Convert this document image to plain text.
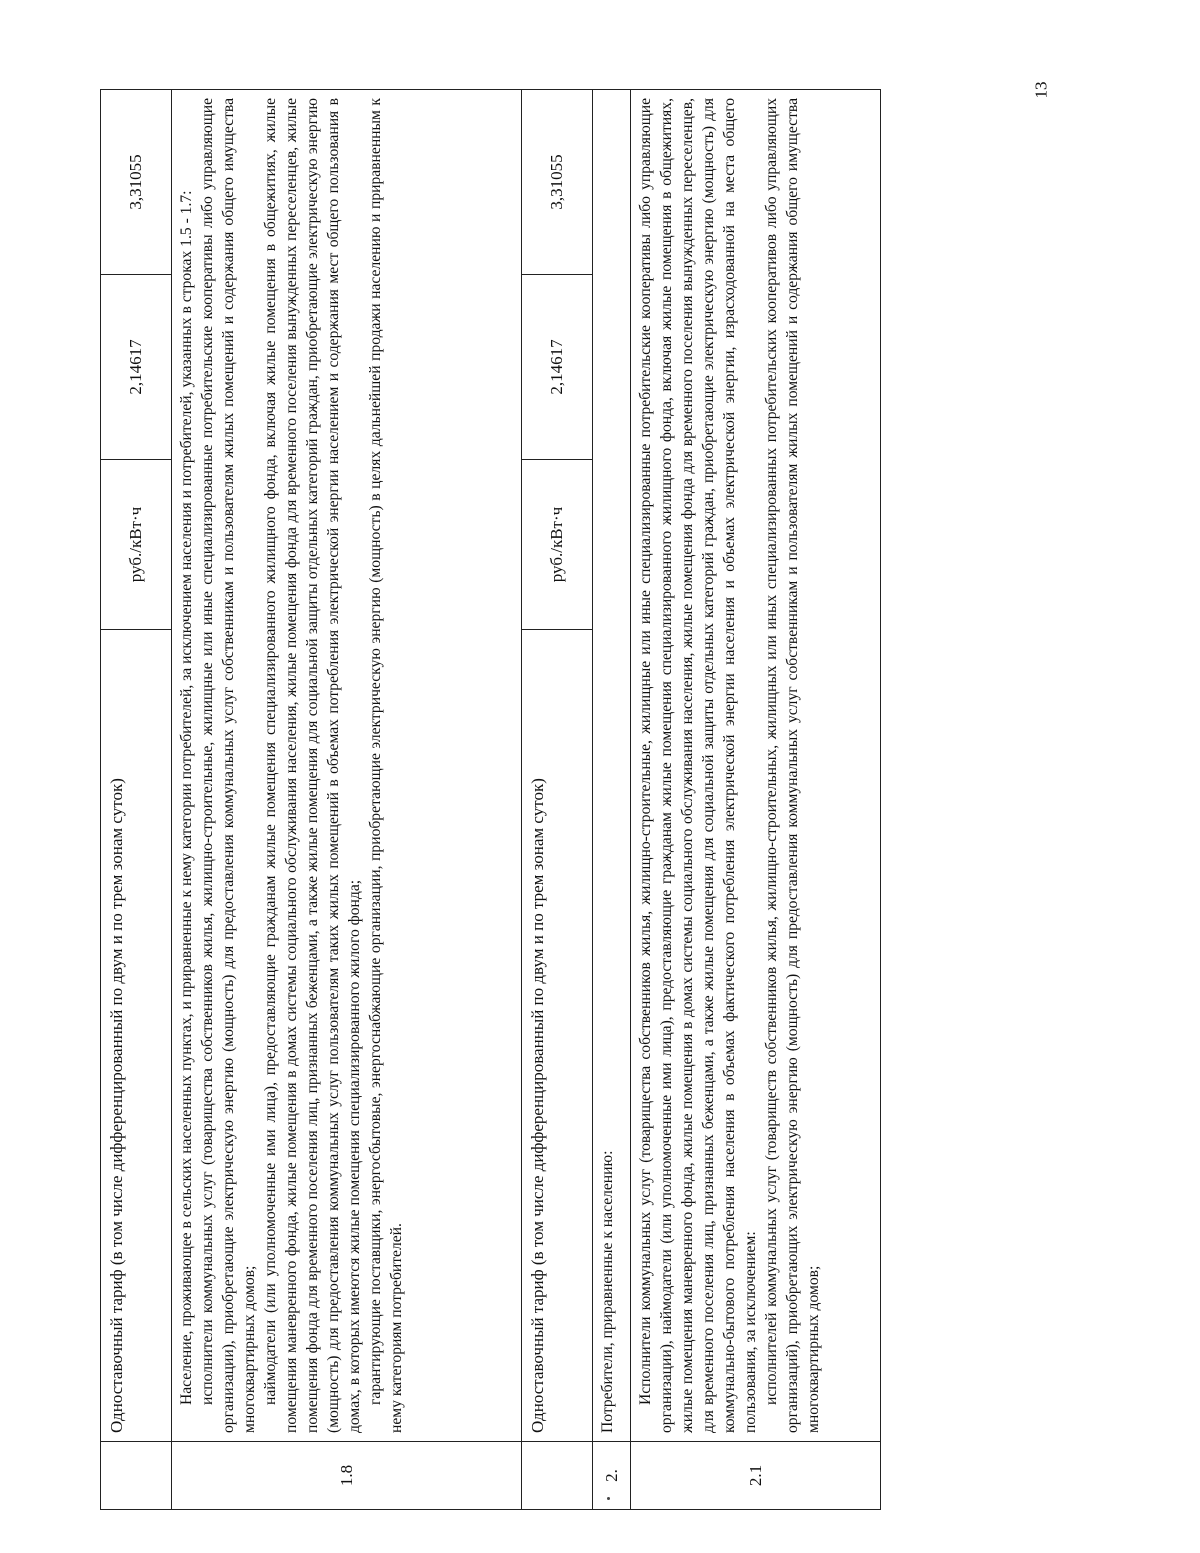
13
	Одноставочный тариф (в том числе дифференцированный по двум и по трем зонам суток)	руб./кВт·ч	2,14617	3,31055
1.8	Население, проживающее в сельских населенных пунктах, и приравненные к нему категории потребителей, за исключением населения и потребителей, указанных в строках 1.5 - 1.7: исполнители коммунальных услуг (товарищества собственников жилья, жилищно-строительные, жилищные или иные специализированные потребительские кооперативы либо управляющие организации), приобретающие электрическую энергию (мощность) для предоставления коммунальных услуг собственникам и пользователям жилых помещений и содержания общего имущества многоквартирных домов; наймодатели (или уполномоченные ими лица), предоставляющие гражданам жилые помещения специализированного жилищного фонда, включая жилые помещения в общежитиях, жилые помещения маневренного фонда, жилые помещения в домах системы социального обслуживания населения, жилые помещения фонда для временного поселения вынужденных переселенцев, жилые помещения фонда для временного поселения лиц, признанных беженцами, а также жилые помещения для социальной защиты отдельных категорий граждан, приобретающие электрическую энергию (мощность) для предоставления коммунальных услуг пользователям таких жилых помещений в объемах потребления электрической энергии населением и содержания мест общего пользования в домах, в которых имеются жилые помещения специализированного жилого фонда; гарантирующие поставщики, энергосбытовые, энергоснабжающие организации, приобретающие электрическую энергию (мощность) в целях дальнейшей продажи населению и приравненным к нему категориям потребителей.			

	Одноставочный тариф (в том числе дифференцированный по двум и по трем зонам суток)	руб./кВт·ч	2,14617	3,31055
2.	Потребители, приравненные к населению:			
2.1	Исполнители коммунальных услуг (товарищества собственников жилья, жилищно-строительные, жилищные или иные специализированные потребительские кооперативы либо управляющие организации), наймодатели (или уполномоченные ими лица), предоставляющие гражданам жилые помещения специализированного жилищного фонда, включая жилые помещения в общежитиях, жилые помещения маневренного фонда, жилые помещения в домах системы социального обслуживания населения, жилые помещения фонда для временного поселения вынужденных переселенцев, для временного поселения лиц, признанных беженцами, а также жилые помещения для социальной защиты отдельных категорий граждан, приобретающие электрическую энергию (мощность) для коммунально-бытового потребления населения в объемах фактического потребления электрической энергии населения и объемах электрической энергии, израсходованной на места общего пользования, за исключением: исполнителей коммунальных услуг (товариществ собственников жилья, жилищно-строительных, жилищных или иных специализированных потребительских кооперативов либо управляющих организаций), приобретающих электрическую энергию (мощность) для предоставления коммунальных услуг собственникам и пользователям жилых помещений и содержания общего имущества многоквартирных домов;			
